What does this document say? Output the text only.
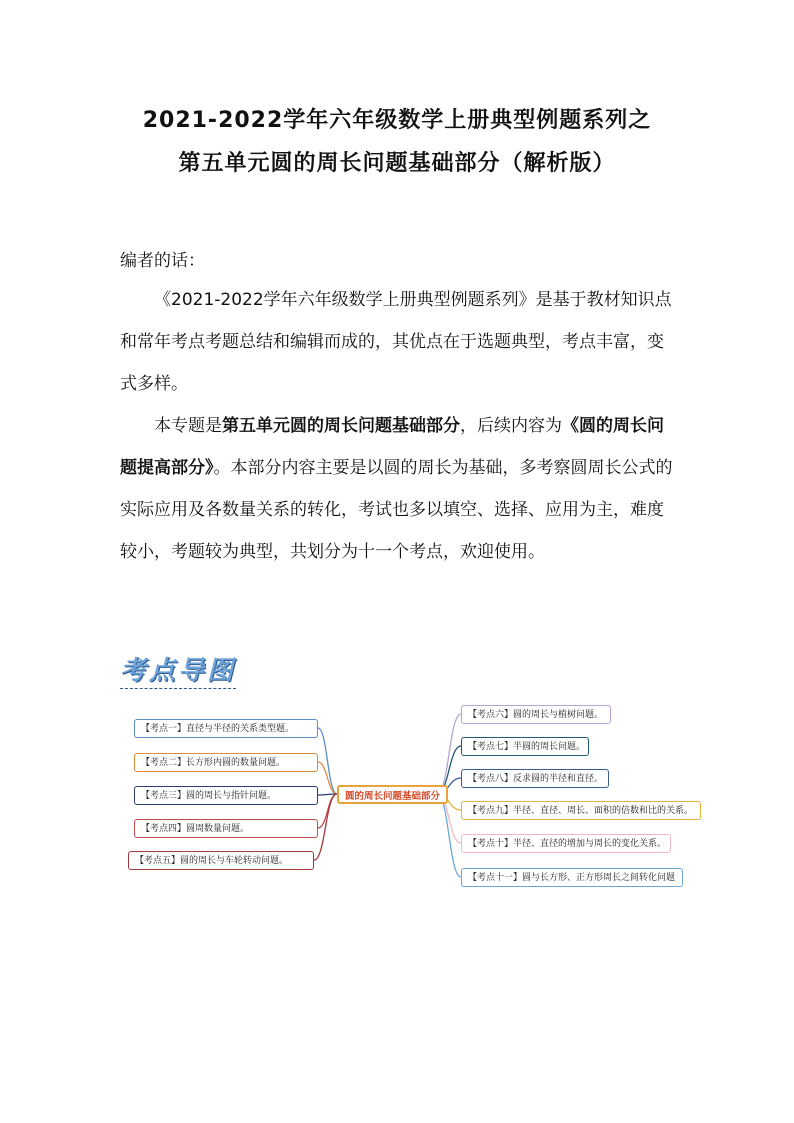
2021-2022学年六年级数学上册典型例题系列之
第五单元圆的周长问题基础部分（解析版）
编者的话：
《2021-2022学年六年级数学上册典型例题系列》是基于教材知识点和常年考点考题总结和编辑而成的，其优点在于选题典型，考点丰富，变式多样。
本专题是第五单元圆的周长问题基础部分，后续内容为《圆的周长问题提高部分》。本部分内容主要是以圆的周长为基础，多考察圆周长公式的实际应用及各数量关系的转化，考试也多以填空、选择、应用为主，难度较小，考题较为典型，共划分为十一个考点，欢迎使用。
考点导图
【考点一】直径与半径的关系类型题。
【考点二】长方形内圆的数量问题。
【考点三】圆的周长与指针问题。
【考点四】圆周数量问题。
【考点五】圆的周长与车轮转动问题。
【考点六】圆的周长与植树问题。
【考点七】半圆的周长问题。
【考点八】反求圆的半径和直径。
【考点九】半径、直径、周长、面积的倍数和比的关系。
【考点十】半径、直径的增加与周长的变化关系。
【考点十一】圆与长方形、正方形周长之间转化问题
圆的周长问题基础部分
